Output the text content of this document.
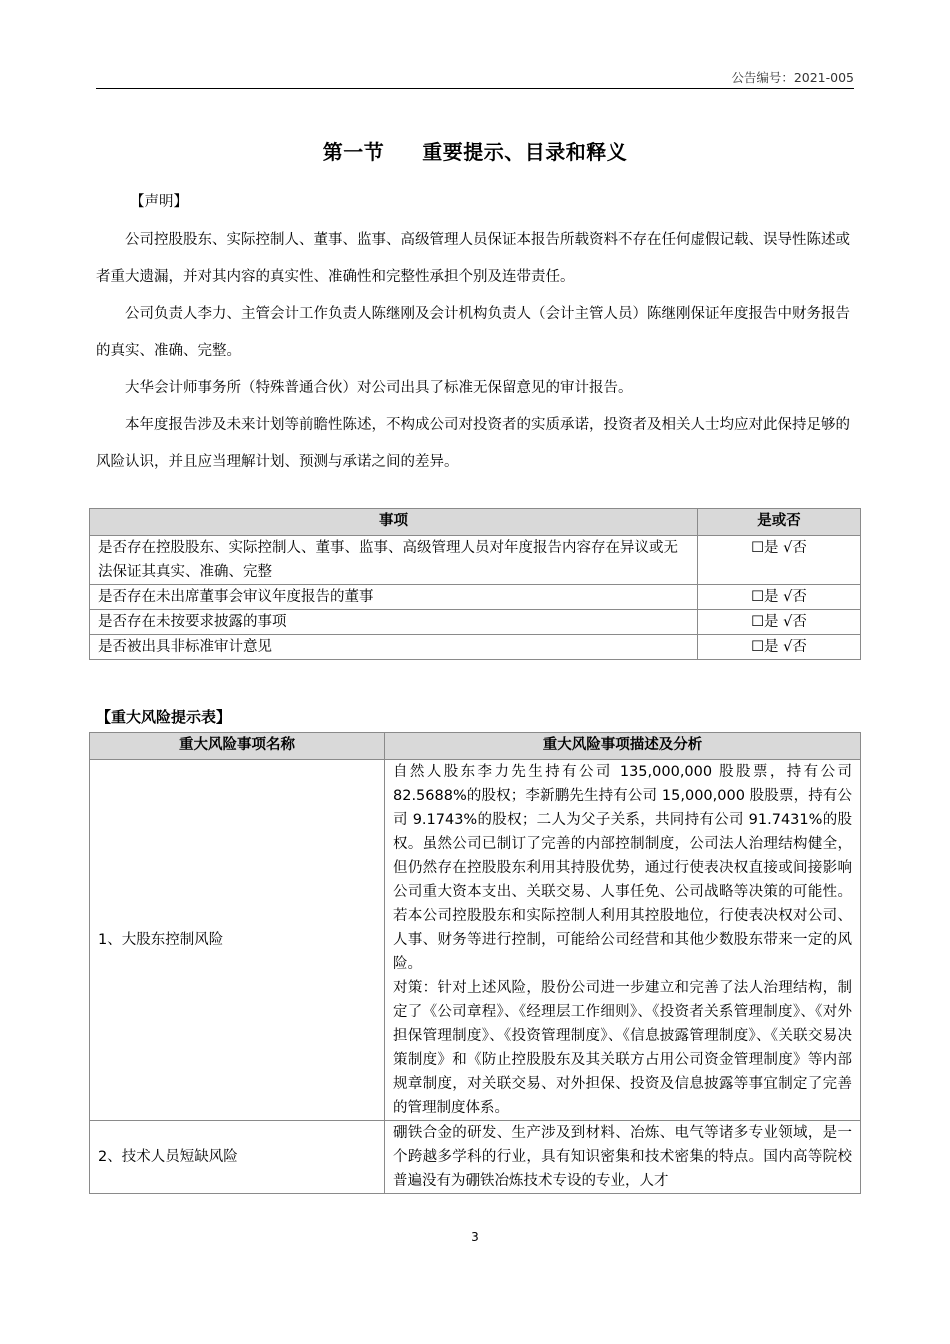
公告编号：2021-005
第一节 重要提示、目录和释义
【声明】
公司控股股东、实际控制人、董事、监事、高级管理人员保证本报告所载资料不存在任何虚假记载、误导性陈述或者重大遗漏，并对其内容的真实性、准确性和完整性承担个别及连带责任。
公司负责人李力、主管会计工作负责人陈继刚及会计机构负责人（会计主管人员）陈继刚保证年度报告中财务报告的真实、准确、完整。
大华会计师事务所（特殊普通合伙）对公司出具了标准无保留意见的审计报告。
本年度报告涉及未来计划等前瞻性陈述，不构成公司对投资者的实质承诺，投资者及相关人士均应对此保持足够的风险认识，并且应当理解计划、预测与承诺之间的差异。
事项	是或否
是否存在控股股东、实际控制人、董事、监事、高级管理人员对年度报告内容存在异议或无法保证其真实、准确、完整	☐是 √否
是否存在未出席董事会审议年度报告的董事	☐是 √否
是否存在未按要求披露的事项	☐是 √否
是否被出具非标准审计意见	☐是 √否
【重大风险提示表】
重大风险事项名称	重大风险事项描述及分析
1、大股东控制风险	自然人股东李力先生持有公司 135,000,000 股股票，持有公司 82.5688%的股权；李新鹏先生持有公司 15,000,000 股股票，持有公司 9.1743%的股权；二人为父子关系，共同持有公司 91.7431%的股权。虽然公司已制订了完善的内部控制制度，公司法人治理结构健全，但仍然存在控股股东利用其持股优势，通过行使表决权直接或间接影响公司重大资本支出、关联交易、人事任免、公司战略等决策的可能性。若本公司控股股东和实际控制人利用其控股地位，行使表决权对公司、人事、财务等进行控制，可能给公司经营和其他少数股东带来一定的风险。
对策：针对上述风险，股份公司进一步建立和完善了法人治理结构，制定了《公司章程》、《经理层工作细则》、《投资者关系管理制度》、《对外担保管理制度》、《投资管理制度》、《信息披露管理制度》、《关联交易决策制度》和《防止控股股东及其关联方占用公司资金管理制度》等内部规章制度，对关联交易、对外担保、投资及信息披露等事宜制定了完善的管理制度体系。

2、技术人员短缺风险	硼铁合金的研发、生产涉及到材料、冶炼、电气等诸多专业领域，是一个跨越多学科的行业，具有知识密集和技术密集的特点。国内高等院校普遍没有为硼铁冶炼技术专设的专业，人才
3
